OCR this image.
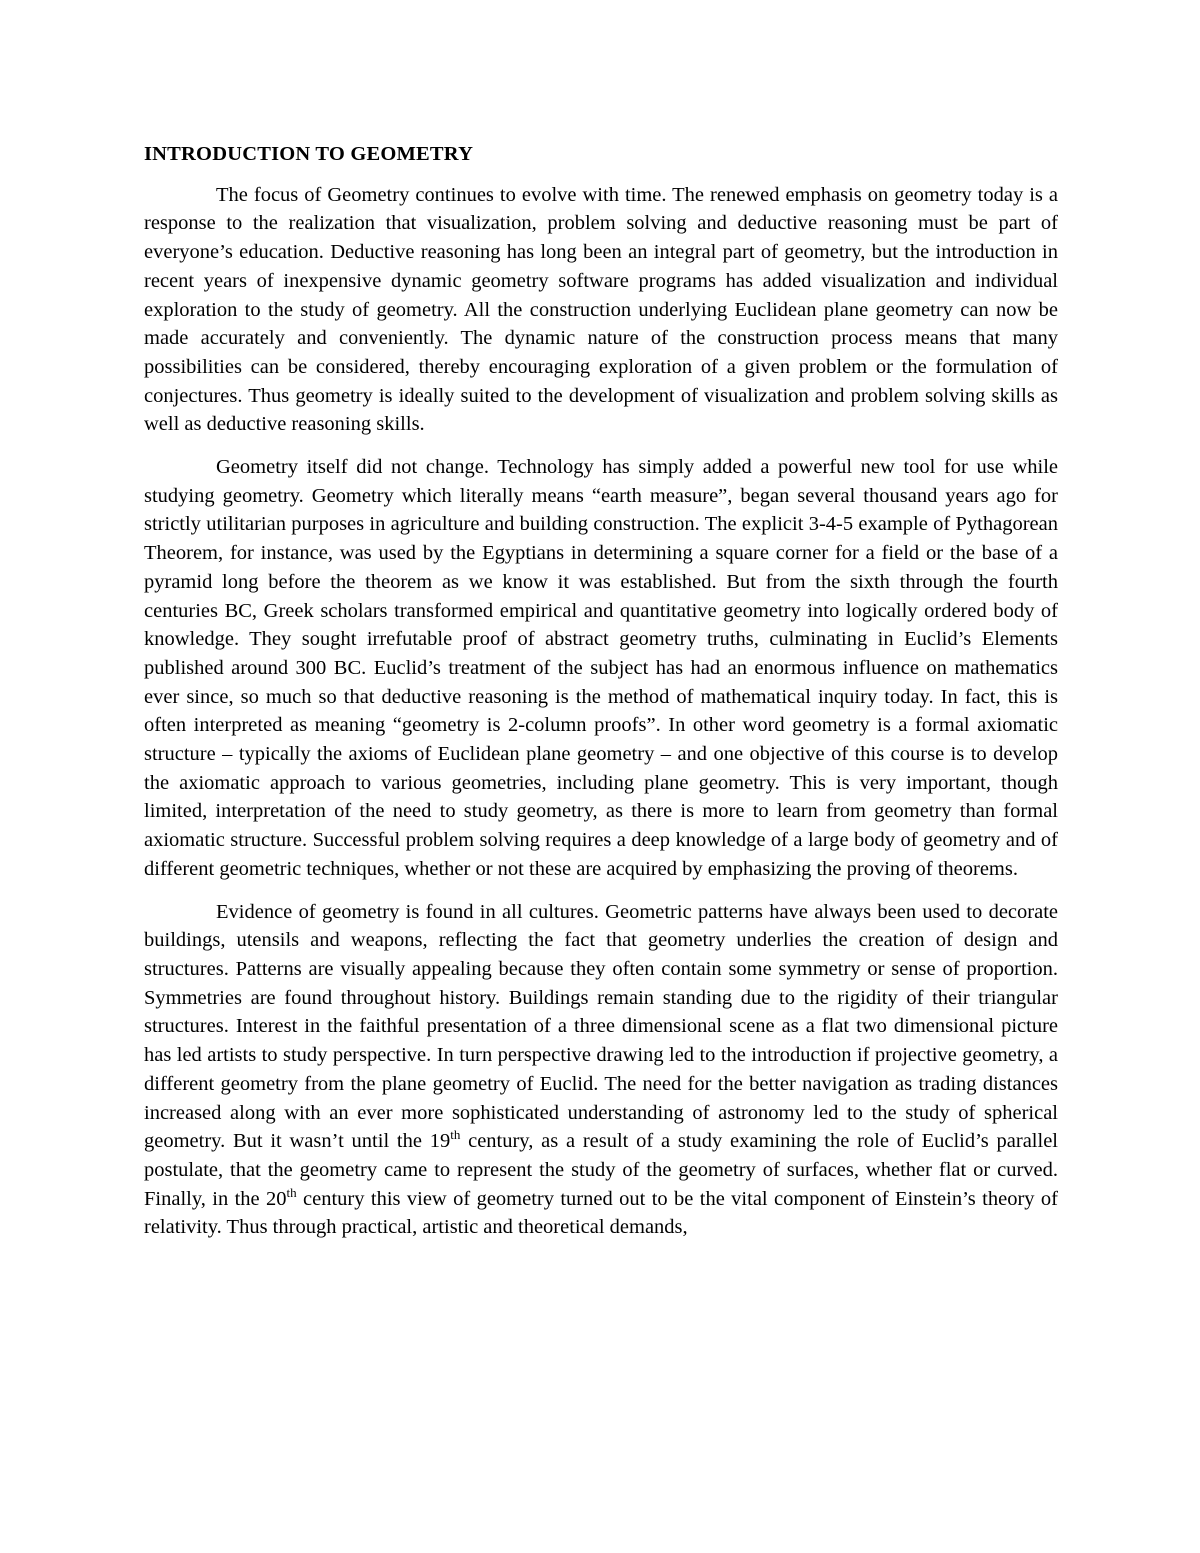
INTRODUCTION TO GEOMETRY

The focus of Geometry continues to evolve with time. The renewed emphasis on geometry today is a response to the realization that visualization, problem solving and deductive reasoning must be part of everyone’s education. Deductive reasoning has long been an integral part of geometry, but the introduction in recent years of inexpensive dynamic geometry software programs has added visualization and individual exploration to the study of geometry. All the construction underlying Euclidean plane geometry can now be made accurately and conveniently. The dynamic nature of the construction process means that many possibilities can be considered, thereby encouraging exploration of a given problem or the formulation of conjectures. Thus geometry is ideally suited to the development of visualization and problem solving skills as well as deductive reasoning skills.

Geometry itself did not change. Technology has simply added a powerful new tool for use while studying geometry. Geometry which literally means “earth measure”, began several thousand years ago for strictly utilitarian purposes in agriculture and building construction. The explicit 3-4-5 example of Pythagorean Theorem, for instance, was used by the Egyptians in determining a square corner for a field or the base of a pyramid long before the theorem as we know it was established. But from the sixth through the fourth centuries BC, Greek scholars transformed empirical and quantitative geometry into logically ordered body of knowledge. They sought irrefutable proof of abstract geometry truths, culminating in Euclid’s Elements published around 300 BC. Euclid’s treatment of the subject has had an enormous influence on mathematics ever since, so much so that deductive reasoning is the method of mathematical inquiry today. In fact, this is often interpreted as meaning “geometry is 2-column proofs”. In other word geometry is a formal axiomatic structure – typically the axioms of Euclidean plane geometry – and one objective of this course is to develop the axiomatic approach to various geometries, including plane geometry. This is very important, though limited, interpretation of the need to study geometry, as there is more to learn from geometry than formal axiomatic structure. Successful problem solving requires a deep knowledge of a large body of geometry and of different geometric techniques, whether or not these are acquired by emphasizing the proving of theorems.

Evidence of geometry is found in all cultures. Geometric patterns have always been used to decorate buildings, utensils and weapons, reflecting the fact that geometry underlies the creation of design and structures. Patterns are visually appealing because they often contain some symmetry or sense of proportion. Symmetries are found throughout history. Buildings remain standing due to the rigidity of their triangular structures. Interest in the faithful presentation of a three dimensional scene as a flat two dimensional picture has led artists to study perspective. In turn perspective drawing led to the introduction if projective geometry, a different geometry from the plane geometry of Euclid. The need for the better navigation as trading distances increased along with an ever more sophisticated understanding of astronomy led to the study of spherical geometry. But it wasn’t until the 19th century, as a result of a study examining the role of Euclid’s parallel postulate, that the geometry came to represent the study of the geometry of surfaces, whether flat or curved. Finally, in the 20th century this view of geometry turned out to be the vital component of Einstein’s theory of relativity. Thus through practical, artistic and theoretical demands,
